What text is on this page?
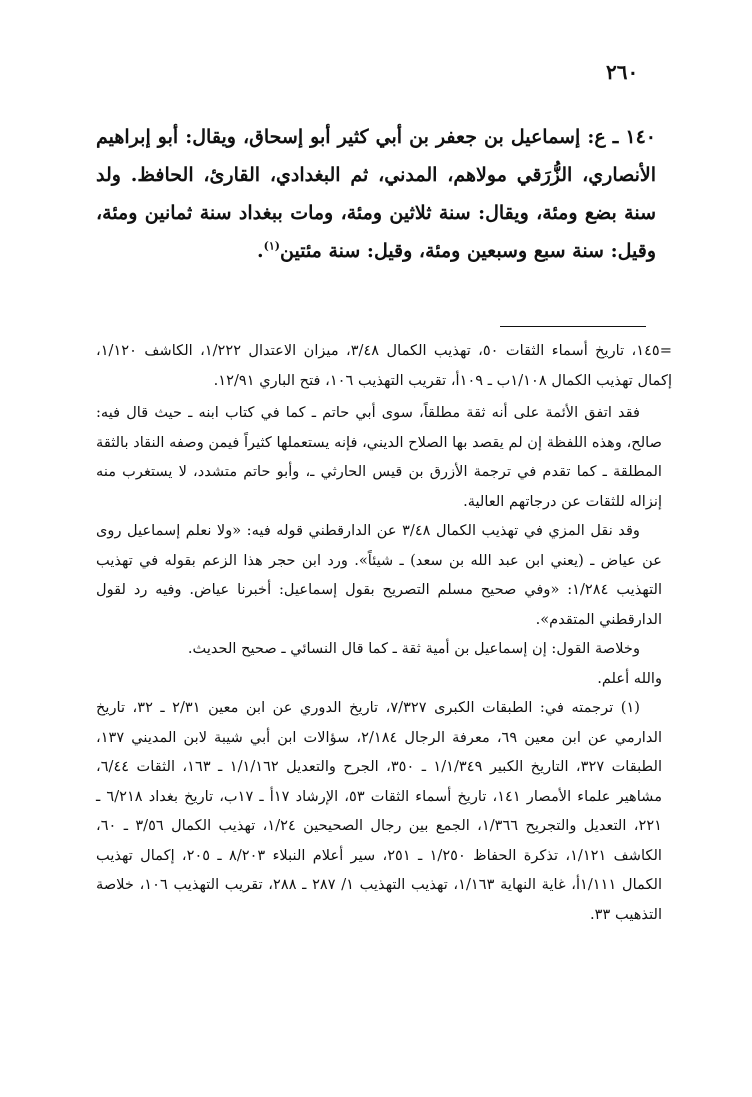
٢٦٠
١٤٠ ـ ع: إسماعيل بن جعفر بن أبي كثير أبو إسحاق، ويقال: أبو إبراهيم الأنصاري، الزُّرَقي مولاهم، المدني، ثم البغدادي، القارئ، الحافظ. ولد سنة بضع ومئة، ويقال: سنة ثلاثين ومئة، ومات ببغداد سنة ثمانين ومئة، وقيل: سنة سبع وسبعين ومئة، وقيل: سنة مئتين$^{(١)}$.

=١٤٥، تاريخ أسماء الثقات ٥٠، تهذيب الكمال ٣/٤٨، ميزان الاعتدال ١/٢٢٢، الكاشف ١/١٢٠، إكمال تهذيب الكمال ١/١٠٨ب ـ ١٠٩أ، تقريب التهذيب ١٠٦، فتح الباري ١٢/٩١.

فقد اتفق الأئمة على أنه ثقة مطلقاً، سوى أبي حاتم ـ كما في كتاب ابنه ـ حيث قال فيه: صالح، وهذه اللفظة إن لم يقصد بها الصلاح الديني، فإنه يستعملها كثيراً فيمن وصفه النقاد بالثقة المطلقة ـ كما تقدم في ترجمة الأزرق بن قيس الحارثي ـ، وأبو حاتم متشدد، لا يستغرب منه إنزاله للثقات عن درجاتهم العالية.

وقد نقل المزي في تهذيب الكمال ٣/٤٨ عن الدارقطني قوله فيه: «ولا نعلم إسماعيل روى عن عياض ـ (يعني ابن عبد الله بن سعد) ـ شيئاً». ورد ابن حجر هذا الزعم بقوله في تهذيب التهذيب ١/٢٨٤: «وفي صحيح مسلم التصريح بقول إسماعيل: أخبرنا عياض. وفيه رد لقول الدارقطني المتقدم».

وخلاصة القول: إن إسماعيل بن أمية ثقة ـ كما قال النسائي ـ صحيح الحديث.

والله أعلم.

(١) ترجمته في: الطبقات الكبرى ٧/٣٢٧، تاريخ الدوري عن ابن معين ٢/٣١ ـ ٣٢، تاريخ الدارمي عن ابن معين ٦٩، معرفة الرجال ٢/١٨٤، سؤالات ابن أبي شيبة لابن المديني ١٣٧، الطبقات ٣٢٧، التاريخ الكبير ١/١/٣٤٩ ـ ٣٥٠، الجرح والتعديل ١/١/١٦٢ ـ ١٦٣، الثقات ٦/٤٤، مشاهير علماء الأمصار ١٤١، تاريخ أسماء الثقات ٥٣، الإرشاد ١٧أ ـ ١٧ب، تاريخ بغداد ٦/٢١٨ ـ ٢٢١، التعديل والتجريح ١/٣٦٦، الجمع بين رجال الصحيحين ١/٢٤، تهذيب الكمال ٣/٥٦ ـ ٦٠، الكاشف ١/١٢١، تذكرة الحفاظ ١/٢٥٠ ـ ٢٥١، سير أعلام النبلاء ٨/٢٠٣ ـ ٢٠٥، إكمال تهذيب الكمال ١/١١١أ، غاية النهاية ١/١٦٣، تهذيب التهذيب ١/ ٢٨٧ ـ ٢٨٨، تقريب التهذيب ١٠٦، خلاصة التذهيب ٣٣.
